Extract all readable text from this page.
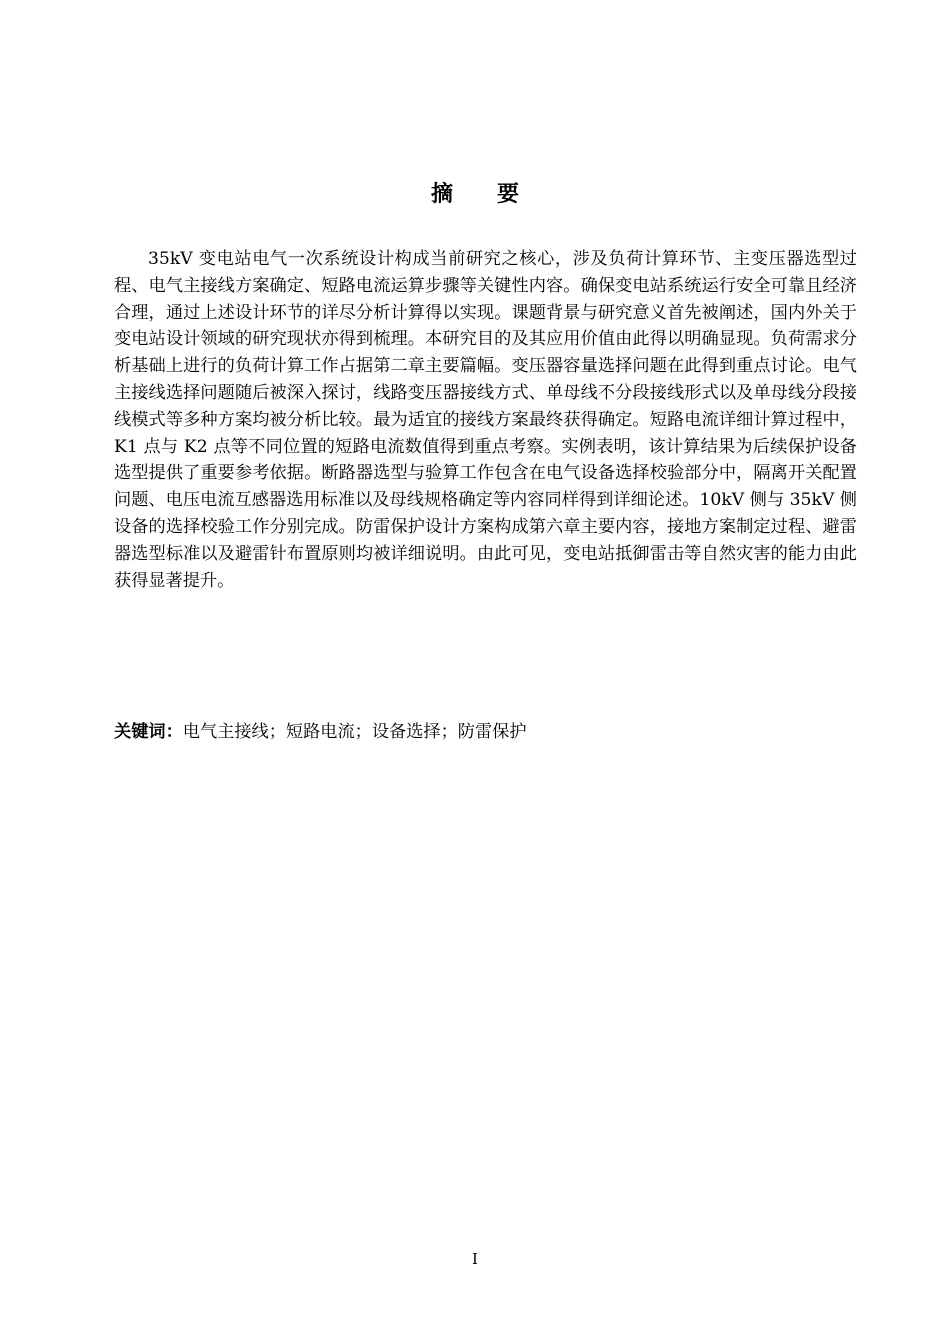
摘要

35kV 变电站电气一次系统设计构成当前研究之核心，涉及负荷计算环节、主变压器选型过程、电气主接线方案确定、短路电流运算步骤等关键性内容。确保变电站系统运行安全可靠且经济合理，通过上述设计环节的详尽分析计算得以实现。课题背景与研究意义首先被阐述，国内外关于变电站设计领域的研究现状亦得到梳理。本研究目的及其应用价值由此得以明确显现。负荷需求分析基础上进行的负荷计算工作占据第二章主要篇幅。变压器容量选择问题在此得到重点讨论。电气主接线选择问题随后被深入探讨，线路变压器接线方式、单母线不分段接线形式以及单母线分段接线模式等多种方案均被分析比较。最为适宜的接线方案最终获得确定。短路电流详细计算过程中，K1 点与 K2 点等不同位置的短路电流数值得到重点考察。实例表明，该计算结果为后续保护设备选型提供了重要参考依据。断路器选型与验算工作包含在电气设备选择校验部分中，隔离开关配置问题、电压电流互感器选用标准以及母线规格确定等内容同样得到详细论述。10kV 侧与 35kV 侧设备的选择校验工作分别完成。防雷保护设计方案构成第六章主要内容，接地方案制定过程、避雷器选型标准以及避雷针布置原则均被详细说明。由此可见，变电站抵御雷击等自然灾害的能力由此获得显著提升。

关键词：电气主接线；短路电流；设备选择；防雷保护

I
